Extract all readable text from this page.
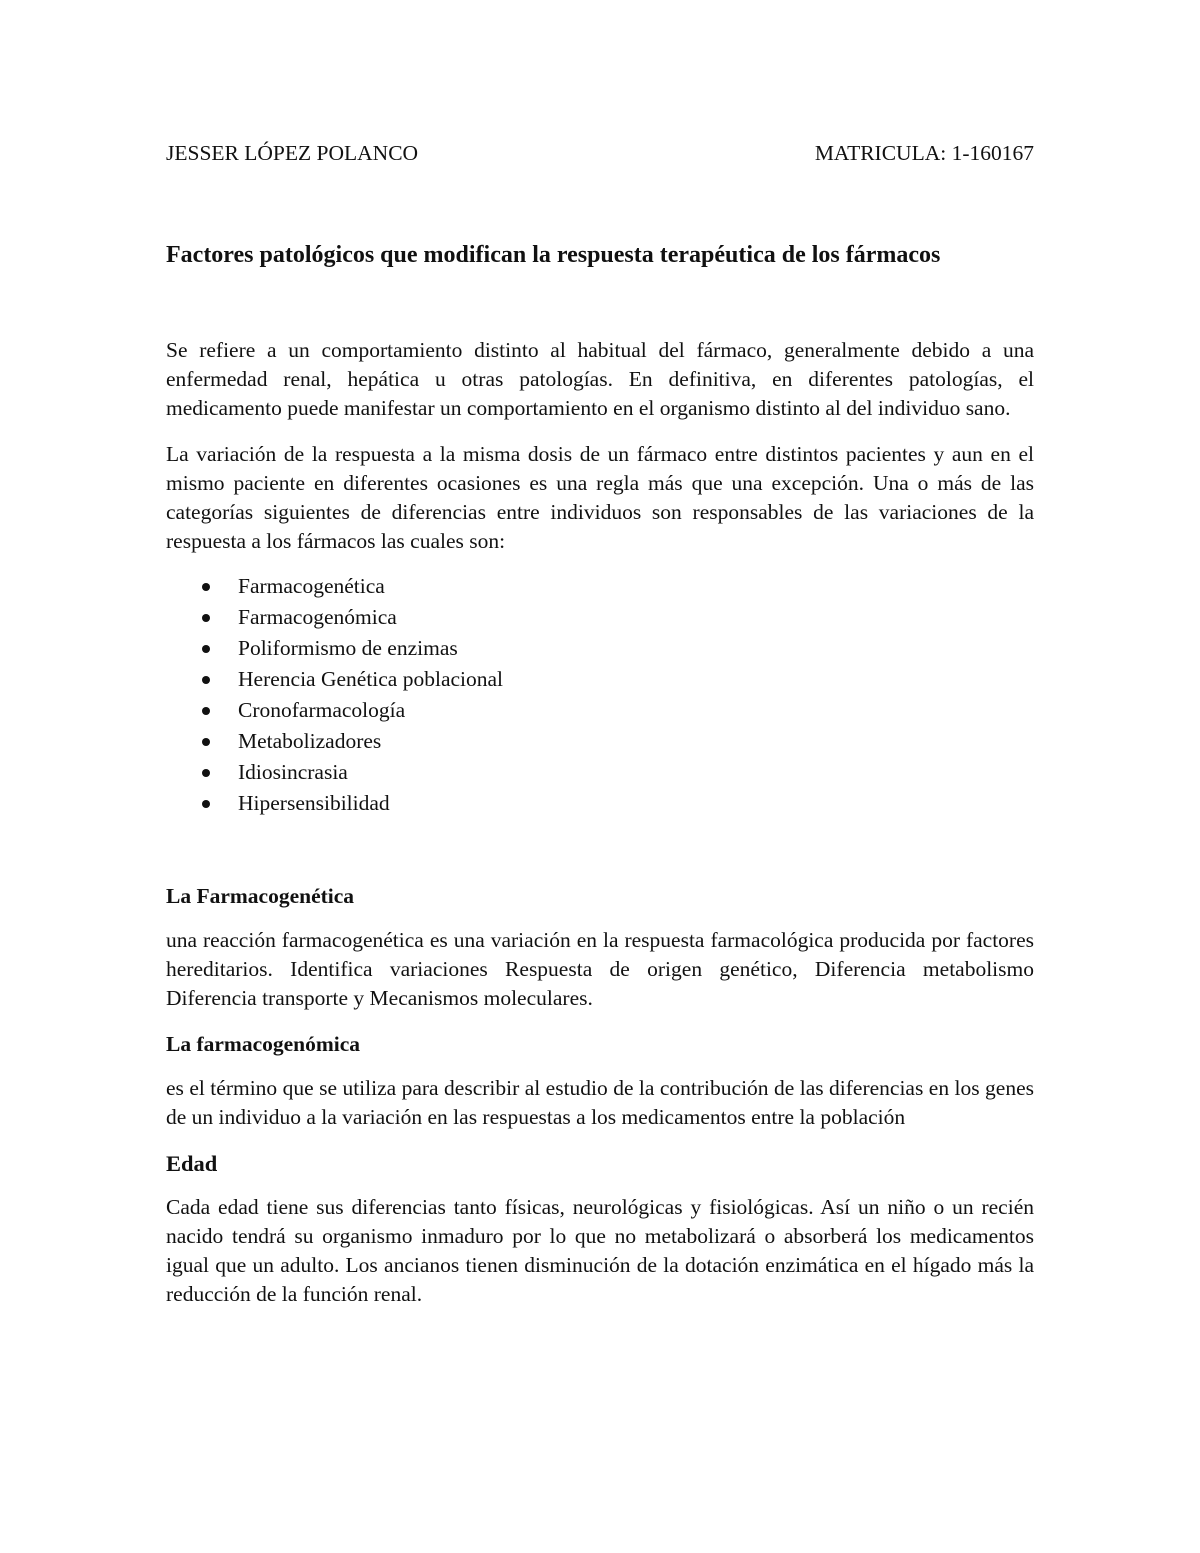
JESSER LÓPEZ POLANCO	MATRICULA: 1-160167
Factores patológicos que modifican la respuesta terapéutica de los fármacos

Se refiere a un comportamiento distinto al habitual del fármaco, generalmente debido a una enfermedad renal, hepática u otras patologías. En definitiva, en diferentes patologías, el medicamento puede manifestar un comportamiento en el organismo distinto al del individuo sano.

La variación de la respuesta a la misma dosis de un fármaco entre distintos pacientes y aun en el mismo paciente en diferentes ocasiones es una regla más que una excepción. Una o más de las categorías siguientes de diferencias entre individuos son responsables de las variaciones de la respuesta a los fármacos las cuales son:

Farmacogenética
Farmacogenómica
Poliformismo de enzimas
Herencia Genética poblacional
Cronofarmacología
Metabolizadores
Idiosincrasia
Hipersensibilidad

La Farmacogenética

una reacción farmacogenética es una variación en la respuesta farmacológica producida por factores hereditarios. Identifica variaciones Respuesta de origen genético, Diferencia metabolismo Diferencia transporte y Mecanismos moleculares.

La farmacogenómica

es el término que se utiliza para describir al estudio de la contribución de las diferencias en los genes de un individuo a la variación en las respuestas a los medicamentos entre la población

Edad

Cada edad tiene sus diferencias tanto físicas, neurológicas y fisiológicas. Así un niño o un recién nacido tendrá su organismo inmaduro por lo que no metabolizará o absorberá los medicamentos igual que un adulto. Los ancianos tienen disminución de la dotación enzimática en el hígado más la reducción de la función renal.
